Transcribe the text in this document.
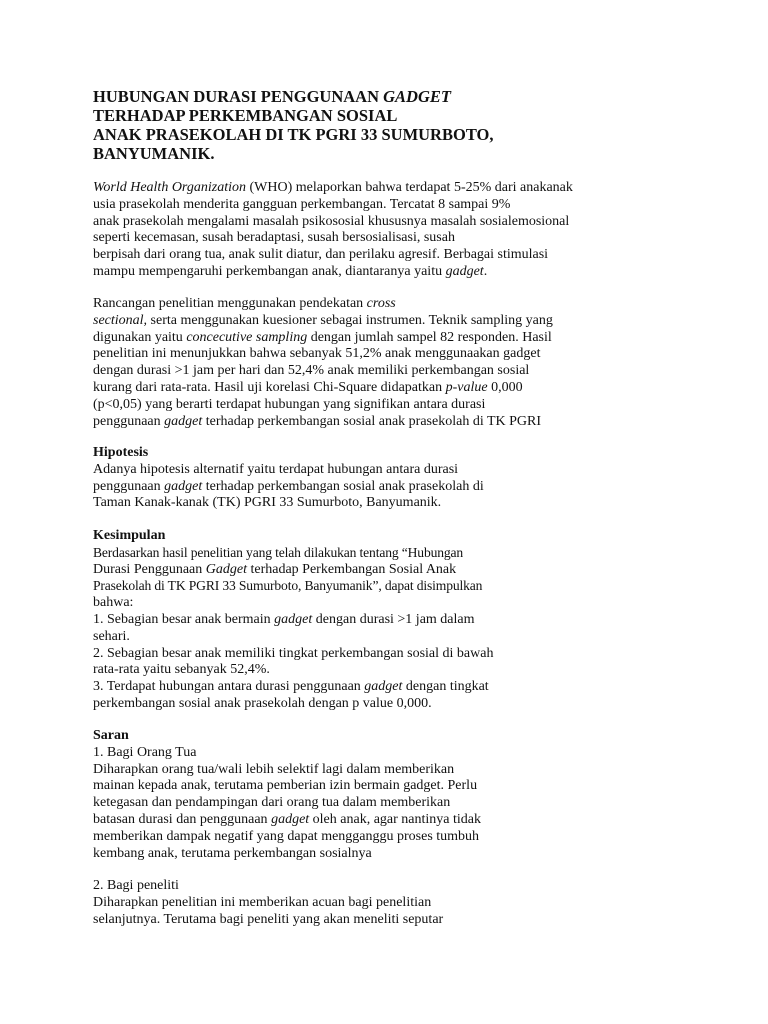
HUBUNGAN DURASI PENGGUNAAN GADGET
TERHADAP PERKEMBANGAN SOSIAL
ANAK PRASEKOLAH DI TK PGRI 33 SUMURBOTO,
BANYUMANIK.
World Health Organization (WHO) melaporkan bahwa terdapat 5-25% dari anakanak
usia prasekolah menderita gangguan perkembangan. Tercatat 8 sampai 9%
anak prasekolah mengalami masalah psikososial khususnya masalah sosialemosional
seperti kecemasan, susah beradaptasi, susah bersosialisasi, susah
berpisah dari orang tua, anak sulit diatur, dan perilaku agresif. Berbagai stimulasi
mampu mempengaruhi perkembangan anak, diantaranya yaitu gadget.
Rancangan penelitian menggunakan pendekatan cross
sectional, serta menggunakan kuesioner sebagai instrumen. Teknik sampling yang
digunakan yaitu concecutive sampling dengan jumlah sampel 82 responden. Hasil
penelitian ini menunjukkan bahwa sebanyak 51,2% anak menggunaakan gadget
dengan durasi >1 jam per hari dan 52,4% anak memiliki perkembangan sosial
kurang dari rata-rata. Hasil uji korelasi Chi-Square didapatkan p-value 0,000
(p<0,05) yang berarti terdapat hubungan yang signifikan antara durasi
penggunaan gadget terhadap perkembangan sosial anak prasekolah di TK PGRI
Hipotesis
Adanya hipotesis alternatif yaitu terdapat hubungan antara durasi
penggunaan gadget terhadap perkembangan sosial anak prasekolah di
Taman Kanak-kanak (TK) PGRI 33 Sumurboto, Banyumanik.
Kesimpulan
Berdasarkan hasil penelitian yang telah dilakukan tentang “Hubungan
Durasi Penggunaan Gadget terhadap Perkembangan Sosial Anak
Prasekolah di TK PGRI 33 Sumurboto, Banyumanik”, dapat disimpulkan
bahwa:
1. Sebagian besar anak bermain gadget dengan durasi >1 jam dalam
sehari.
2. Sebagian besar anak memiliki tingkat perkembangan sosial di bawah
rata-rata yaitu sebanyak 52,4%.
3. Terdapat hubungan antara durasi penggunaan gadget dengan tingkat
perkembangan sosial anak prasekolah dengan p value 0,000.
Saran
1. Bagi Orang Tua
Diharapkan orang tua/wali lebih selektif lagi dalam memberikan
mainan kepada anak, terutama pemberian izin bermain gadget. Perlu
ketegasan dan pendampingan dari orang tua dalam memberikan
batasan durasi dan penggunaan gadget oleh anak, agar nantinya tidak
memberikan dampak negatif yang dapat mengganggu proses tumbuh
kembang anak, terutama perkembangan sosialnya
2. Bagi peneliti
Diharapkan penelitian ini memberikan acuan bagi penelitian
selanjutnya. Terutama bagi peneliti yang akan meneliti seputar
